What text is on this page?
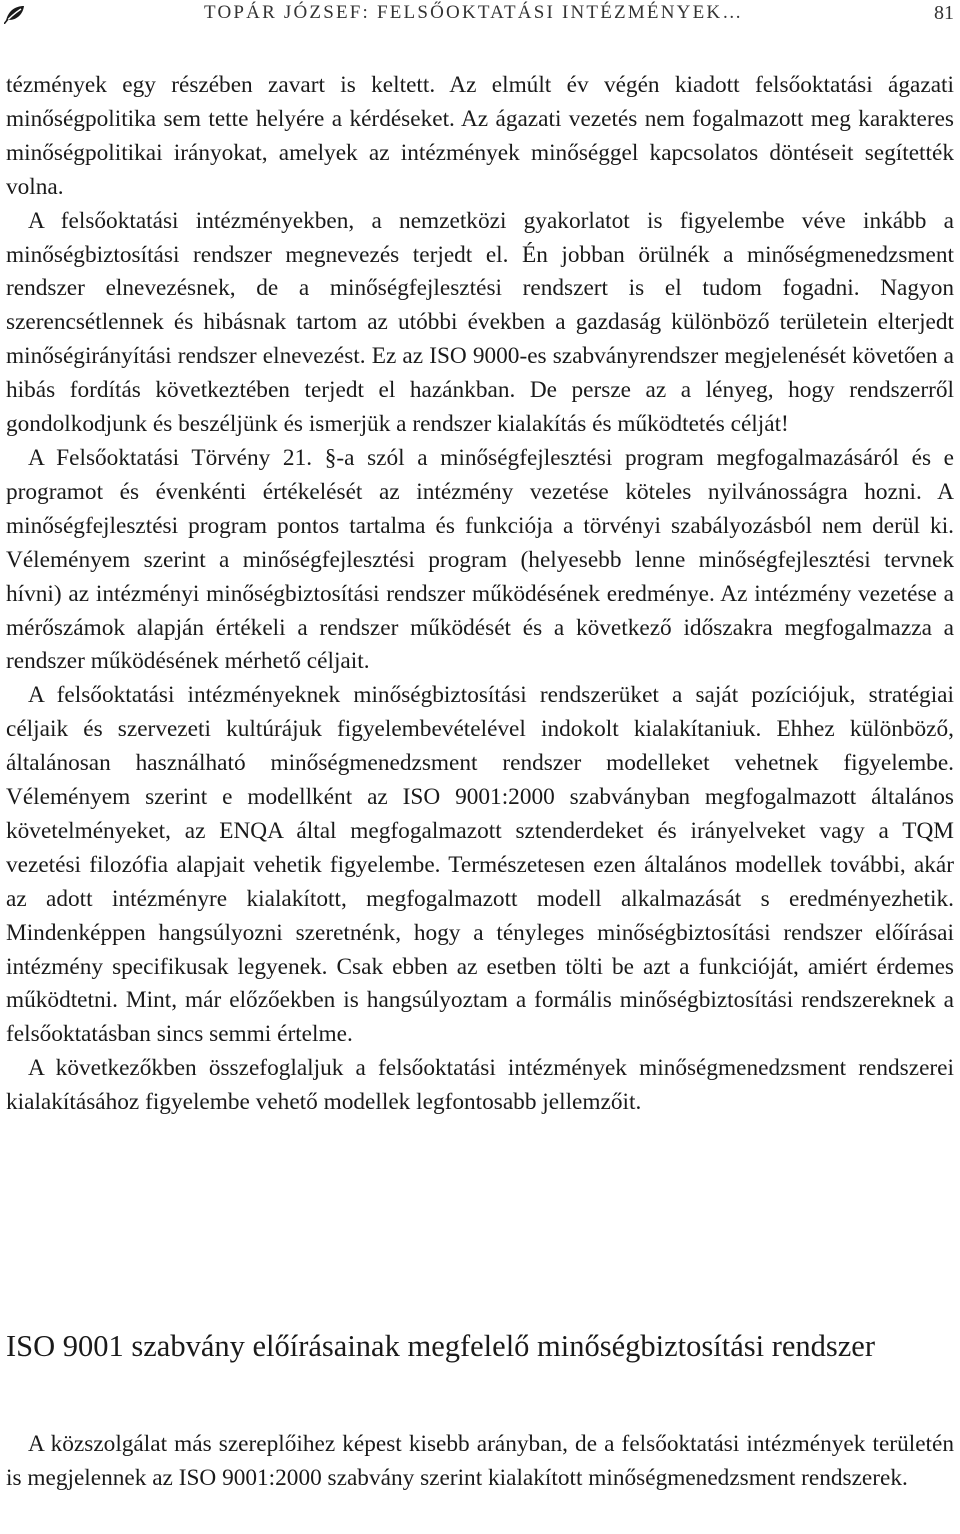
TOPÁR JÓZSEF: FELSŐOKTATÁSI INTÉZMÉNYEK…	81

tézmények egy részében zavart is keltett. Az elmúlt év végén kiadott felsőoktatási ágazati minőségpolitika sem tette helyére a kérdéseket. Az ágazati vezetés nem fogalmazott meg karakteres minőségpolitikai irányokat, amelyek az intézmények minőséggel kapcsolatos döntéseit segítették volna.

A felsőoktatási intézményekben, a nemzetközi gyakorlatot is figyelembe véve inkább a minőségbiztosítási rendszer megnevezés terjedt el. Én jobban örülnék a minőségmenedzsment rendszer elnevezésnek, de a minőségfejlesztési rendszert is el tudom fogadni. Nagyon szerencsétlennek és hibásnak tartom az utóbbi években a gazdaság különböző területein elterjedt minőségirányítási rendszer elnevezést. Ez az ISO 9000-es szabványrendszer megjelenését követően a hibás fordítás következtében terjedt el hazánkban. De persze az a lényeg, hogy rendszerről gondolkodjunk és beszéljünk és ismerjük a rendszer kialakítás és működtetés célját!

A Felsőoktatási Törvény 21. §-a szól a minőségfejlesztési program megfogalmazásáról és e programot és évenkénti értékelését az intézmény vezetése köteles nyilvánosságra hozni. A minőségfejlesztési program pontos tartalma és funkciója a törvényi szabályozásból nem derül ki. Véleményem szerint a minőségfejlesztési program (helyesebb lenne minőségfejlesztési tervnek hívni) az intézményi minőségbiztosítási rendszer működésének eredménye. Az intézmény vezetése a mérőszámok alapján értékeli a rendszer működését és a következő időszakra megfogalmazza a rendszer működésének mérhető céljait.

A felsőoktatási intézményeknek minőségbiztosítási rendszerüket a saját pozíciójuk, stratégiai céljaik és szervezeti kultúrájuk figyelembevételével indokolt kialakítaniuk. Ehhez különböző, általánosan használható minőségmenedzsment rendszer modelleket vehetnek figyelembe. Véleményem szerint e modellként az ISO 9001:2000 szabványban megfogalmazott általános követelményeket, az ENQA által megfogalmazott sztenderdeket és irányelveket vagy a TQM vezetési filozófia alapjait vehetik figyelembe. Természetesen ezen általános modellek további, akár az adott intézményre kialakított, megfogalmazott modell alkalmazását s eredményezhetik. Mindenképpen hangsúlyozni szeretnénk, hogy a tényleges minőségbiztosítási rendszer előírásai intézmény specifikusak legyenek. Csak ebben az esetben tölti be azt a funkcióját, amiért érdemes működtetni. Mint, már előzőekben is hangsúlyoztam a formális minőségbiztosítási rendszereknek a felsőoktatásban sincs semmi értelme.

A következőkben összefoglaljuk a felsőoktatási intézmények minőségmenedzsment rendszerei kialakításához figyelembe vehető modellek legfontosabb jellemzőit.

ISO 9001 szabvány előírásainak megfelelő minőségbiztosítási rendszer

A közszolgálat más szereplőihez képest kisebb arányban, de a felsőoktatási intézmények területén is megjelennek az ISO 9001:2000 szabvány szerint kialakított minőségmenedzsment rendszerek.
